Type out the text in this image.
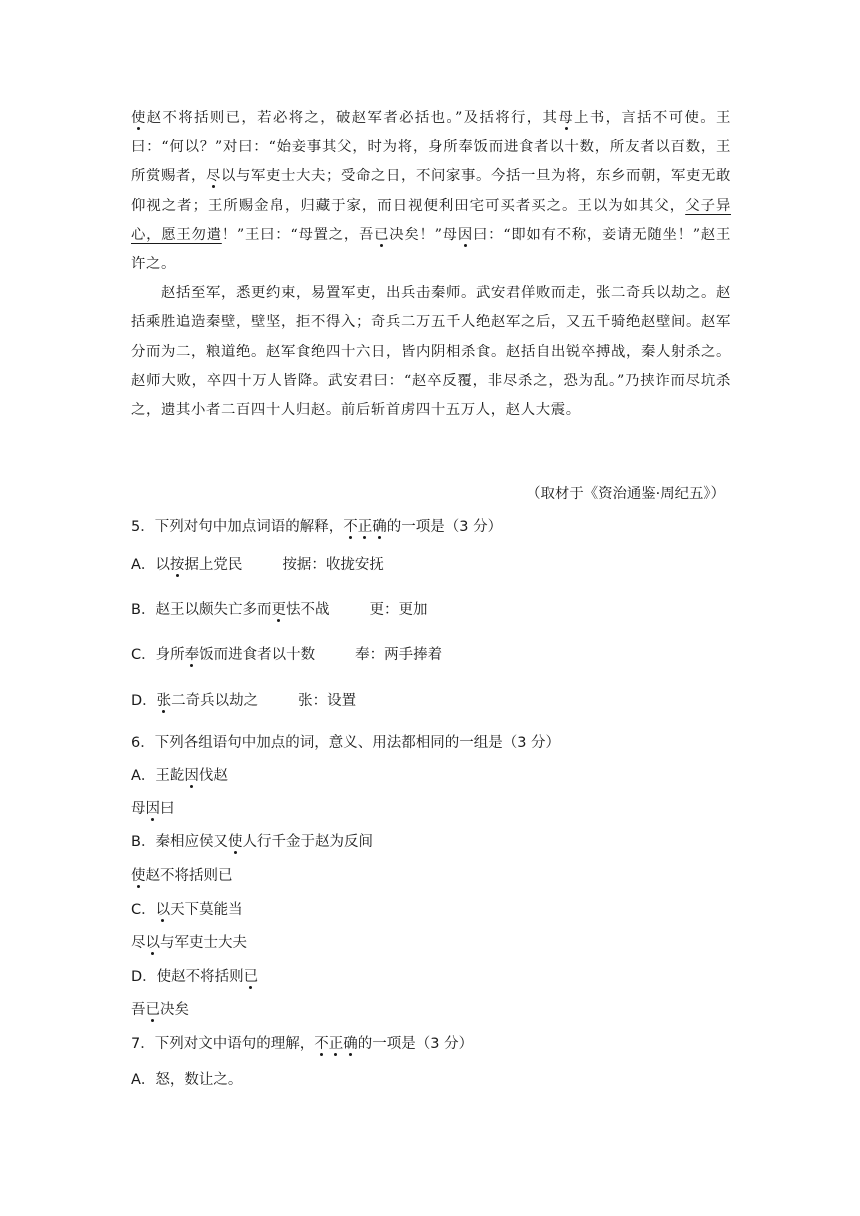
使赵不将括则已，若必将之，破赵军者必括也。”及括将行，其母上书，言括不可使。王曰：“何以？”对曰：“始妾事其父，时为将，身所奉饭而进食者以十数，所友者以百数，王所赏赐者，尽以与军吏士大夫；受命之日，不问家事。今括一旦为将，东乡而朝，军吏无敢仰视之者；王所赐金帛，归藏于家，而日视便利田宅可买者买之。王以为如其父，父子异心，愿王勿遣！”王曰：“母置之，吾已决矣！”母因曰：“即如有不称，妾请无随坐！”赵王许之。

赵括至军，悉更约束，易置军吏，出兵击秦师。武安君佯败而走，张二奇兵以劫之。赵括乘胜追造秦壁，壁坚，拒不得入；奇兵二万五千人绝赵军之后，又五千骑绝赵壁间。赵军分而为二，粮道绝。赵军食绝四十六日，皆内阴相杀食。赵括自出锐卒搏战，秦人射杀之。赵师大败，卒四十万人皆降。武安君曰：“赵卒反覆，非尽杀之，恐为乱。”乃挟诈而尽坑杀之，遗其小者二百四十人归赵。前后斩首虏四十五万人，赵人大震。

（取材于《资治通鉴·周纪五》）
5．下列对句中加点词语的解释，不正确的一项是（3 分）
A．以按据上党民	按据：收拢安抚
B．赵王以颇失亡多而更怯不战	更：更加
C．身所奉饭而进食者以十数	奉：两手捧着
D．张二奇兵以劫之	张：设置
6．下列各组语句中加点的词，意义、用法都相同的一组是（3 分）
A．王龁因伐赵
母因曰
B．秦相应侯又使人行千金于赵为反间
使赵不将括则已
C．以天下莫能当
尽以与军吏士大夫
D．使赵不将括则已
吾已决矣
7．下列对文中语句的理解，不正确的一项是（3 分）
A．怒，数让之。
